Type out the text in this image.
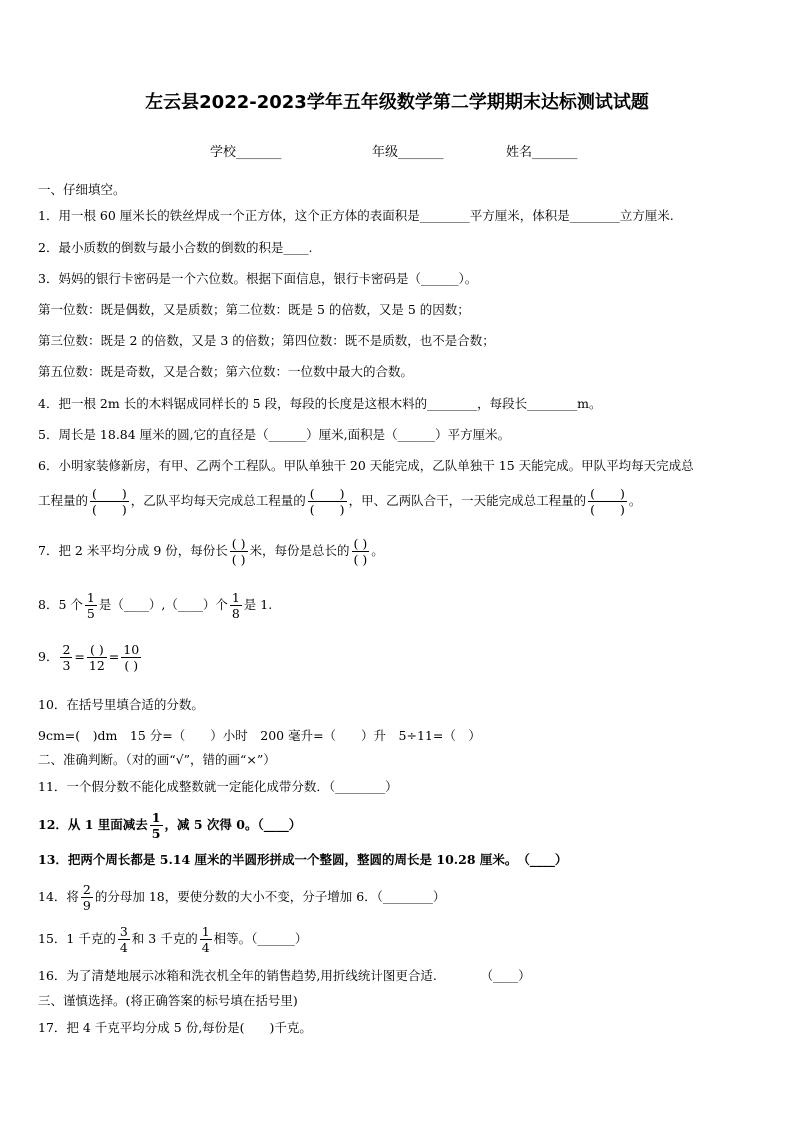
左云县2022-2023学年五年级数学第二学期期末达标测试试题
学校_______	年级_______	姓名_______
一、仔细填空。
1．用一根 60 厘米长的铁丝焊成一个正方体，这个正方体的表面积是________平方厘米，体积是________立方厘米.
2．最小质数的倒数与最小合数的倒数的积是____.
3．妈妈的银行卡密码是一个六位数。根据下面信息，银行卡密码是（______）。
第一位数：既是偶数，又是质数；第二位数：既是 5 的倍数，又是 5 的因数；
第三位数：既是 2 的倍数，又是 3 的倍数；第四位数：既不是质数，也不是合数；
第五位数：既是奇数，又是合数；第六位数：一位数中最大的合数。
4．把一根 2m 长的木料锯成同样长的 5 段，每段的长度是这根木料的________，每段长________m。
5．周长是 18.84 厘米的圆,它的直径是（______）厘米,面积是（______）平方厘米。
6．小明家装修新房，有甲、乙两个工程队。甲队单独干 20 天能完成，乙队单独干 15 天能完成。甲队平均每天完成总
工程量的 $\frac{( )}{( )}$ ，乙队平均每天完成总工程量的 $\frac{( )}{( )}$ ，甲、乙两队合干，一天能完成总工程量的 $\frac{( )}{( )}$ 。
7．把 2 米平均分成 9 份，每份长 $\frac{( )}{( )}$ 米，每份是总长的 $\frac{( )}{( )}$ 。
8．5 个 $\frac{1}{5}$ 是（____）,（____）个 $\frac{1}{8}$ 是 1.
9． $\frac{2}{3} = \frac{( )}{12} = \frac{10}{( )}$
10．在括号里填合适的分数。
9cm=(　)dm　15 分=（　　）小时　200 毫升=（　　）升　5÷11=（　）
二、准确判断。（对的画“√”，错的画“×”）
11．一个假分数不能化成整数就一定能化成带分数．（________）
12．从 1 里面减去 $\frac{1}{5}$ ，减 5 次得 0。（____）
13．把两个周长都是 5.14 厘米的半圆形拼成一个整圆，整圆的周长是 10.28 厘米。　（____）
14．将 $\frac{2}{9}$ 的分母加 18，要使分数的大小不变，分子增加 6．（________）
15．1 千克的 $\frac{3}{4}$ 和 3 千克的 $\frac{1}{4}$ 相等。（______）
16．为了清楚地展示冰箱和洗衣机全年的销售趋势,用折线统计图更合适.　　　　（____）
三、谨慎选择。(将正确答案的标号填在括号里)
17．把 4 千克平均分成 5 份,每份是(　　)千克。
